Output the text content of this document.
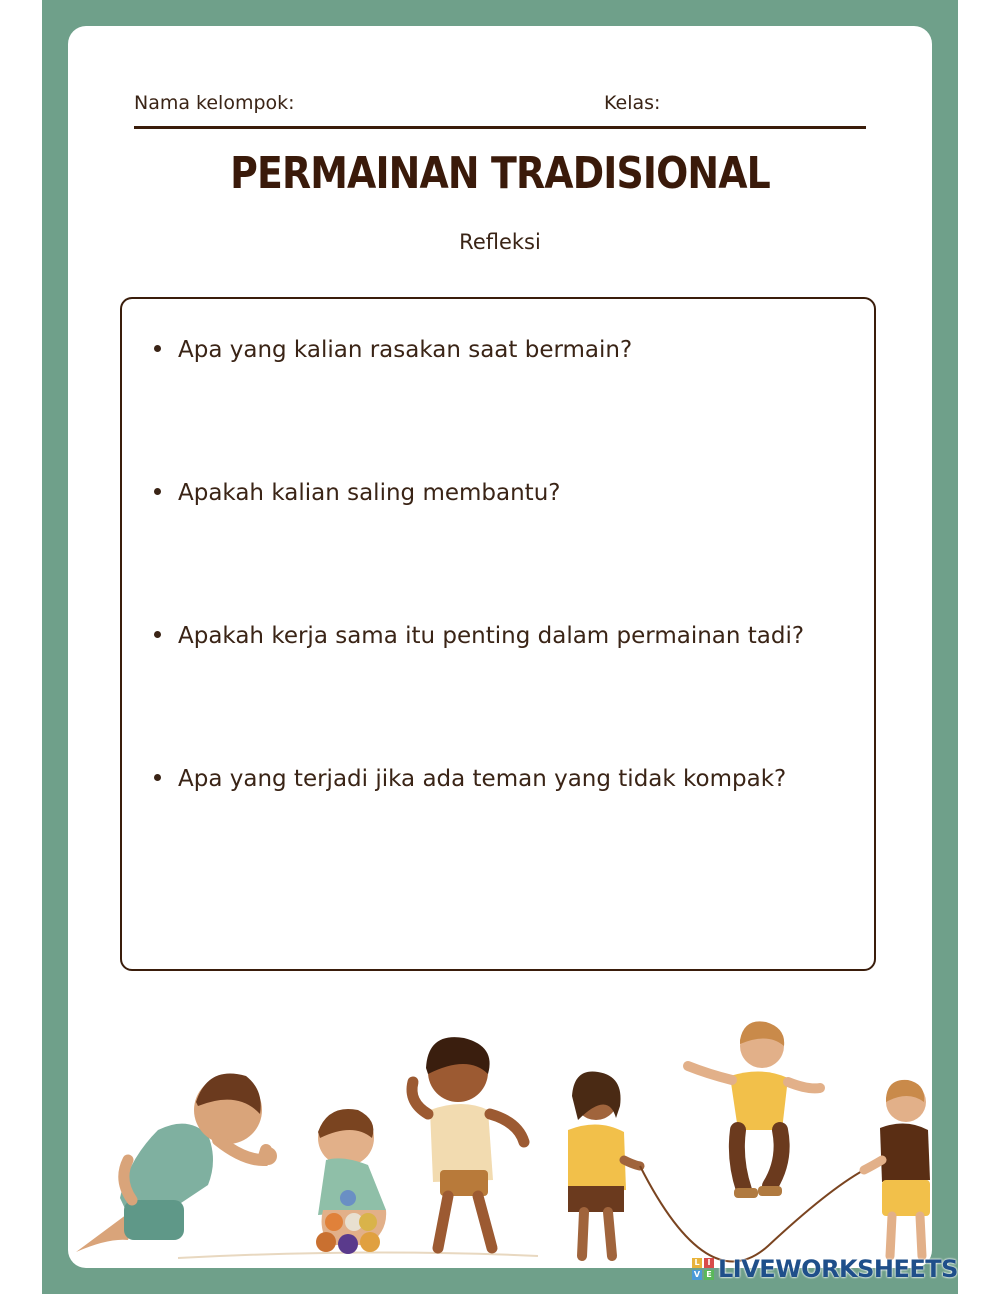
Nama kelompok:	Kelas:
PERMAINAN TRADISIONAL
Refleksi
Apa yang kalian rasakan saat bermain?
Apakah kalian saling membantu?
Apakah kerja sama itu penting dalam permainan tadi?
Apa yang terjadi jika ada teman yang tidak kompak?
L I
V E LIVEWORKSHEETS
